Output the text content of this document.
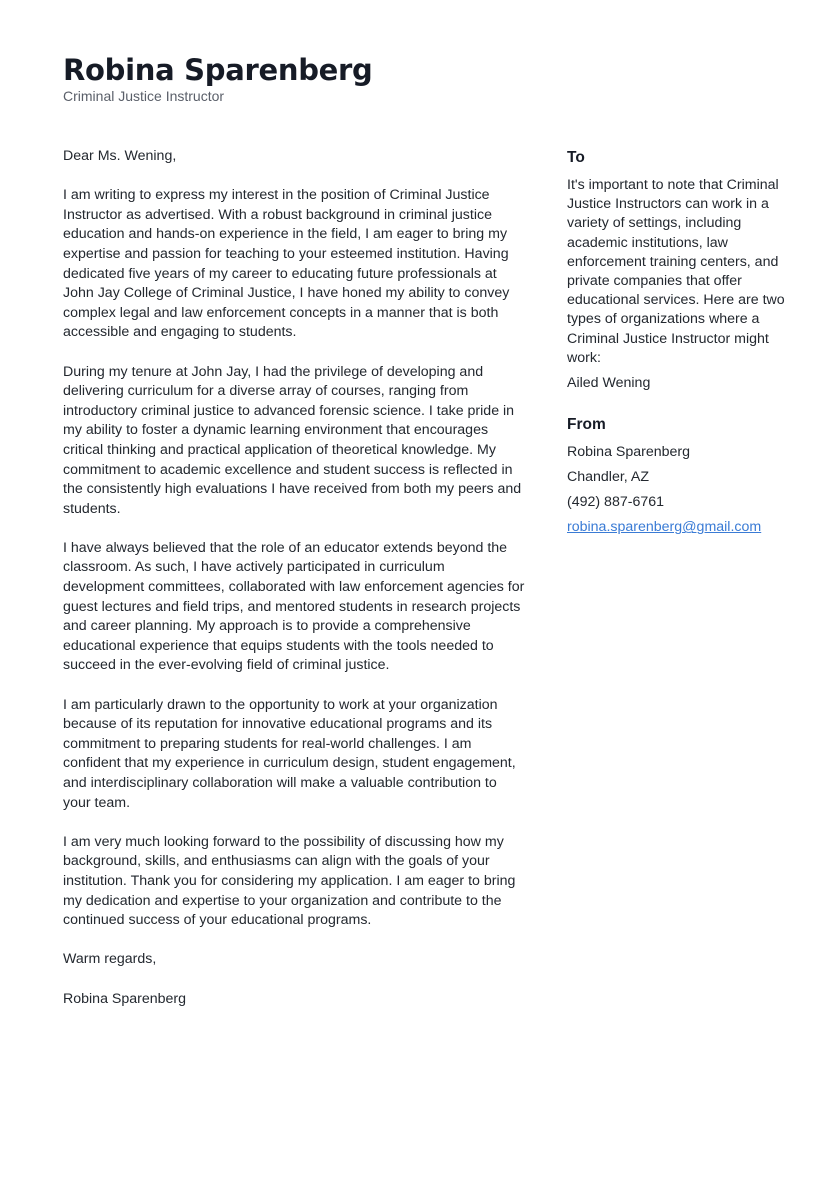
Robina Sparenberg

Criminal Justice Instructor

Dear Ms. Wening,

I am writing to express my interest in the position of Criminal Justice Instructor as advertised. With a robust background in criminal justice education and hands-on experience in the field, I am eager to bring my expertise and passion for teaching to your esteemed institution. Having dedicated five years of my career to educating future professionals at John Jay College of Criminal Justice, I have honed my ability to convey complex legal and law enforcement concepts in a manner that is both accessible and engaging to students.

During my tenure at John Jay, I had the privilege of developing and delivering curriculum for a diverse array of courses, ranging from introductory criminal justice to advanced forensic science. I take pride in my ability to foster a dynamic learning environment that encourages critical thinking and practical application of theoretical knowledge. My commitment to academic excellence and student success is reflected in the consistently high evaluations I have received from both my peers and students.

I have always believed that the role of an educator extends beyond the classroom. As such, I have actively participated in curriculum development committees, collaborated with law enforcement agencies for guest lectures and field trips, and mentored students in research projects and career planning. My approach is to provide a comprehensive educational experience that equips students with the tools needed to succeed in the ever-evolving field of criminal justice.

I am particularly drawn to the opportunity to work at your organization because of its reputation for innovative educational programs and its commitment to preparing students for real-world challenges. I am confident that my experience in curriculum design, student engagement, and interdisciplinary collaboration will make a valuable contribution to your team.

I am very much looking forward to the possibility of discussing how my background, skills, and enthusiasms can align with the goals of your institution. Thank you for considering my application. I am eager to bring my dedication and expertise to your organization and contribute to the continued success of your educational programs.

Warm regards,

Robina Sparenberg

To

It's important to note that Criminal Justice Instructors can work in a variety of settings, including academic institutions, law enforcement training centers, and private companies that offer educational services. Here are two types of organizations where a Criminal Justice Instructor might work:

Ailed Wening

From

Robina Sparenberg

Chandler, AZ

(492) 887-6761

robina.sparenberg@gmail.com
